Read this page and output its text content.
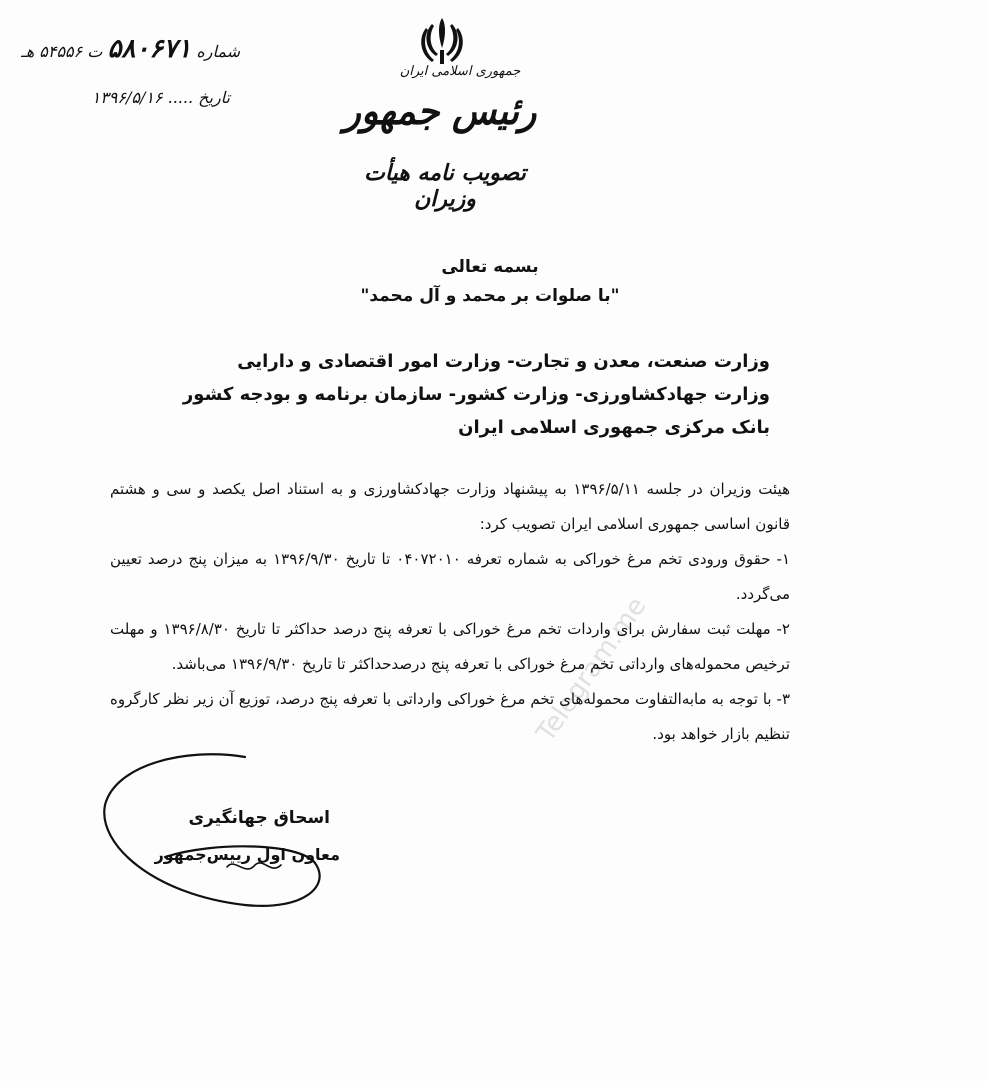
جمهوری اسلامی ایران
رئیس جمهور
تصویب نامه هیأت وزیران
شماره ۵۸۰۶۷۱ ت ۵۴۵۵۶ هـ
تاریخ ..... ۱۳۹۶/۵/۱۶
بسمه تعالی
"با صلوات بر محمد و آل محمد"
وزارت صنعت، معدن و تجارت- وزارت امور اقتصادی و دارایی
وزارت جهادکشاورزی- وزارت کشور- سازمان برنامه و بودجه کشور
بانک مرکزی جمهوری اسلامی ایران
Telegram.me

هیئت وزیران در جلسه ۱۳۹۶/۵/۱۱ به پیشنهاد وزارت جهادکشاورزی و به استناد اصل یکصد و سی و هشتم قانون اساسی جمهوری اسلامی ایران تصویب کرد:

۱- حقوق ورودی تخم مرغ خوراکی به شماره تعرفه ۰۴۰۷۲۰۱۰ تا تاریخ ۱۳۹۶/۹/۳۰ به میزان پنج درصد تعیین می‌گردد.

۲- مهلت ثبت سفارش برای واردات تخم مرغ خوراکی با تعرفه پنج درصد حداکثر تا تاریخ ۱۳۹۶/۸/۳۰ و مهلت ترخیص محموله‌های وارداتی تخم مرغ خوراکی با تعرفه پنج درصدحداکثر تا تاریخ ۱۳۹۶/۹/۳۰ می‌باشد.

۳- با توجه به مابه‌التفاوت محموله‌های تخم مرغ خوراکی وارداتی با تعرفه پنج درصد، توزیع آن زیر نظر کارگروه تنظیم بازار خواهد بود.

اسحاق جهانگیری
معاون اول رییس‌جمهور
